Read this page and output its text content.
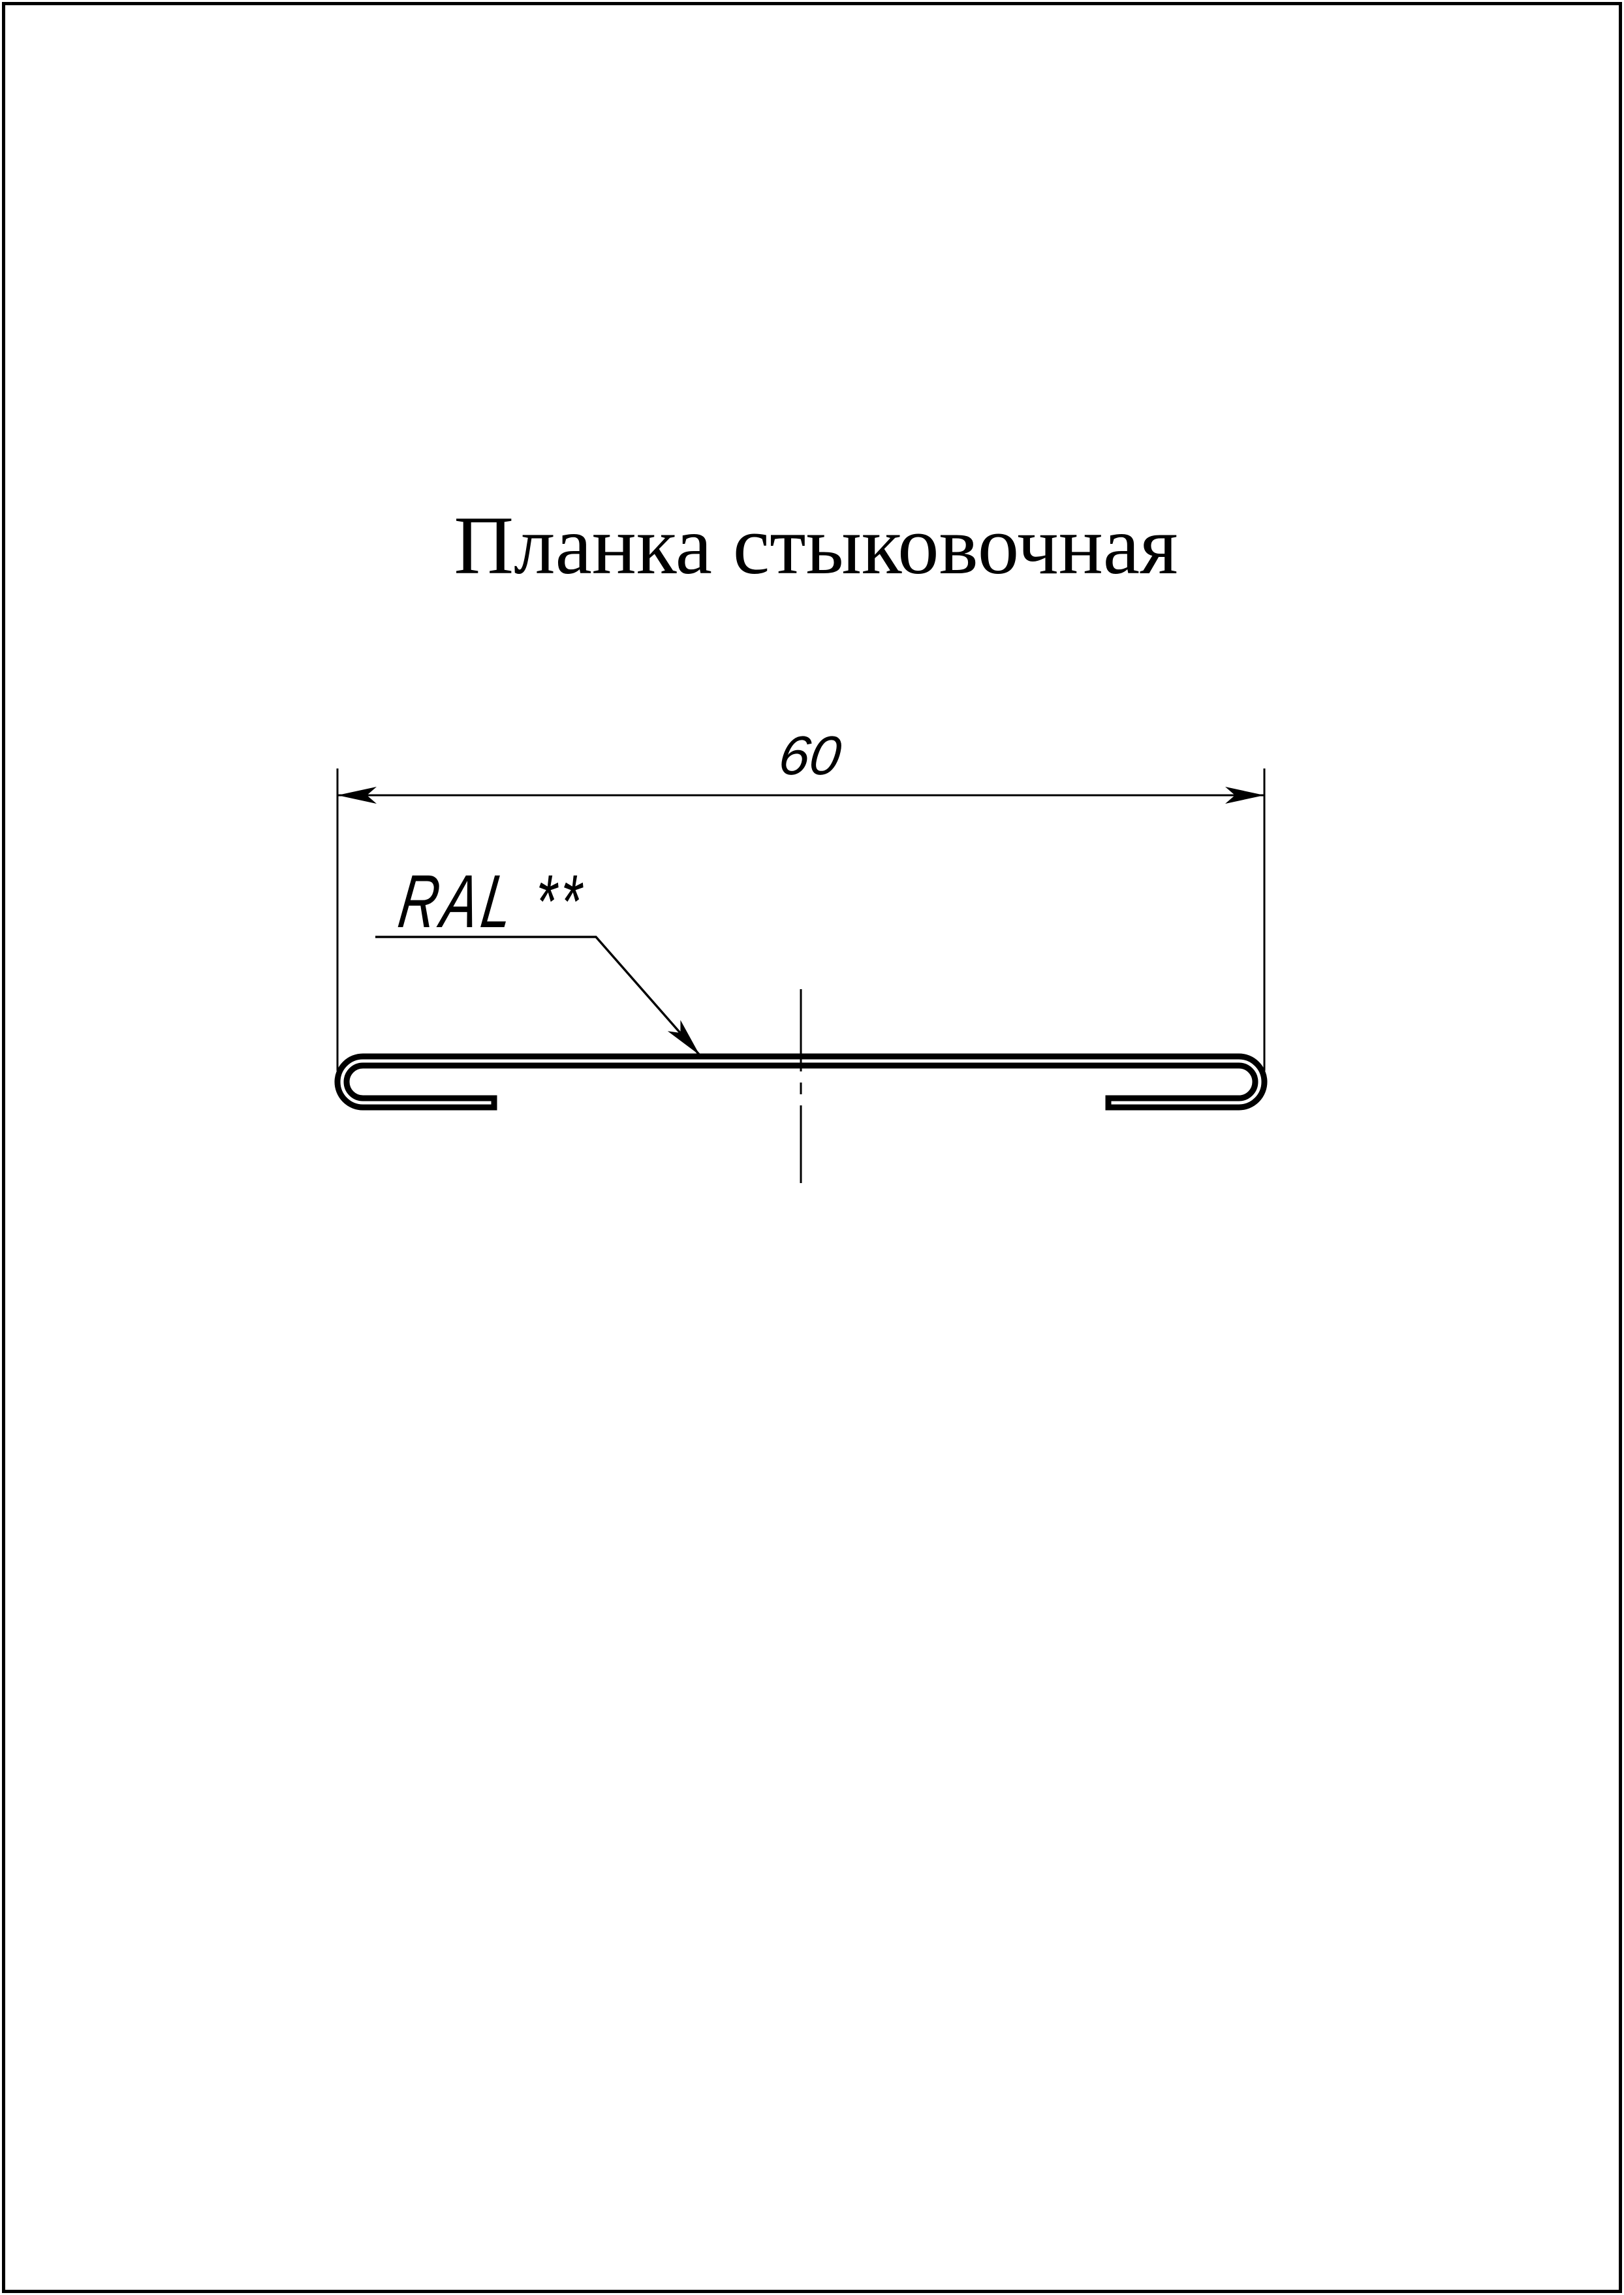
Планка стыковочная
60
RAL **
